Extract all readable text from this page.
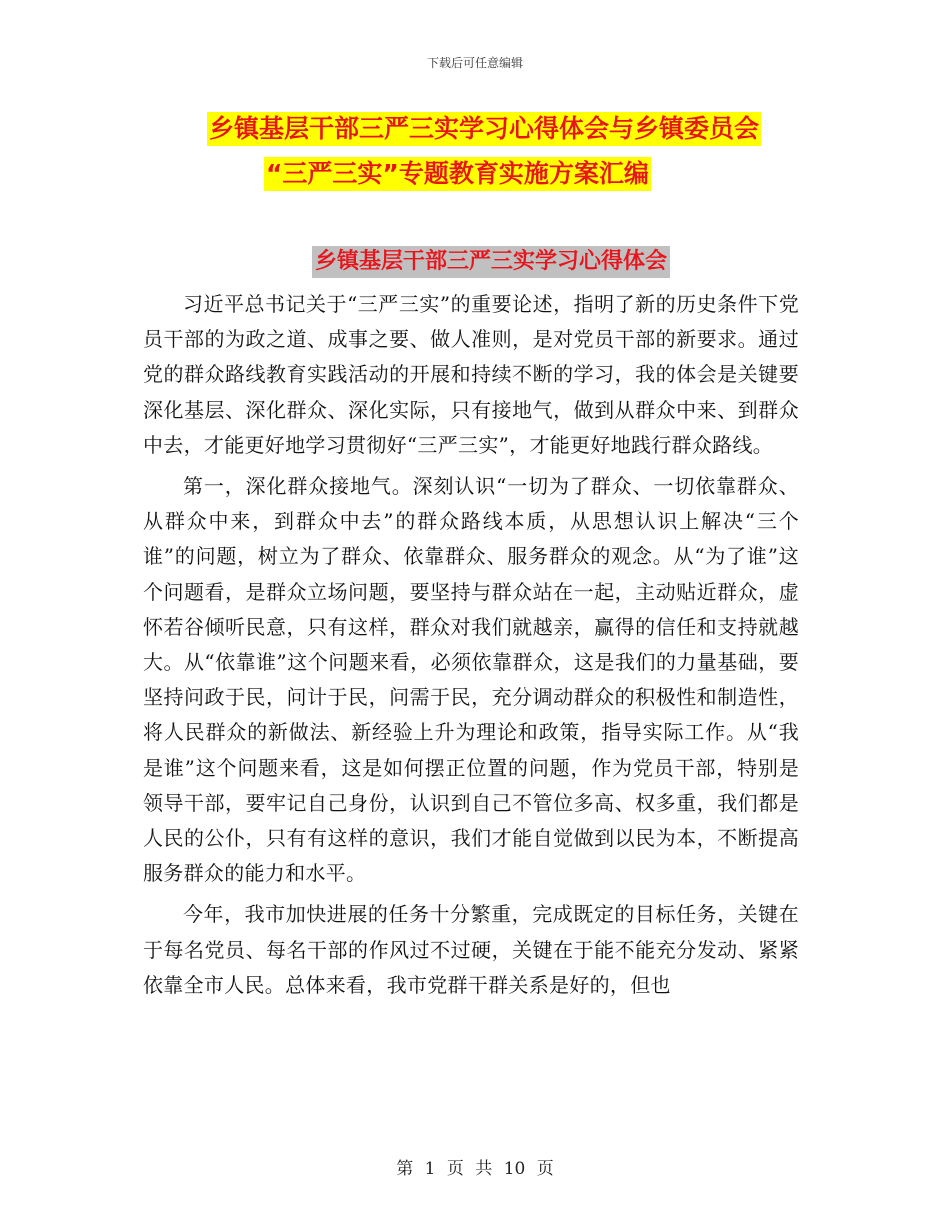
下载后可任意编辑
乡镇基层干部三严三实学习心得体会与乡镇委员会
“三严三实”专题教育实施方案汇编
乡镇基层干部三严三实学习心得体会

习近平总书记关于“三严三实”的重要论述，指明了新的历史条件下党员干部的为政之道、成事之要、做人准则，是对党员干部的新要求。通过党的群众路线教育实践活动的开展和持续不断的学习，我的体会是关键要深化基层、深化群众、深化实际，只有接地气，做到从群众中来、到群众中去，才能更好地学习贯彻好“三严三实”，才能更好地践行群众路线。

第一，深化群众接地气。深刻认识“一切为了群众、一切依靠群众、从群众中来，到群众中去”的群众路线本质，从思想认识上解决“三个谁”的问题，树立为了群众、依靠群众、服务群众的观念。从“为了谁”这个问题看，是群众立场问题，要坚持与群众站在一起，主动贴近群众，虚怀若谷倾听民意，只有这样，群众对我们就越亲，赢得的信任和支持就越大。从“依靠谁”这个问题来看，必须依靠群众，这是我们的力量基础，要坚持问政于民，问计于民，问需于民，充分调动群众的积极性和制造性，将人民群众的新做法、新经验上升为理论和政策，指导实际工作。从“我是谁”这个问题来看，这是如何摆正位置的问题，作为党员干部，特别是领导干部，要牢记自己身份，认识到自己不管位多高、权多重，我们都是人民的公仆，只有有这样的意识，我们才能自觉做到以民为本，不断提高服务群众的能力和水平。

今年，我市加快进展的任务十分繁重，完成既定的目标任务，关键在于每名党员、每名干部的作风过不过硬，关键在于能不能充分发动、紧紧依靠全市人民。总体来看，我市党群干群关系是好的，但也

第 1 页 共 10 页
